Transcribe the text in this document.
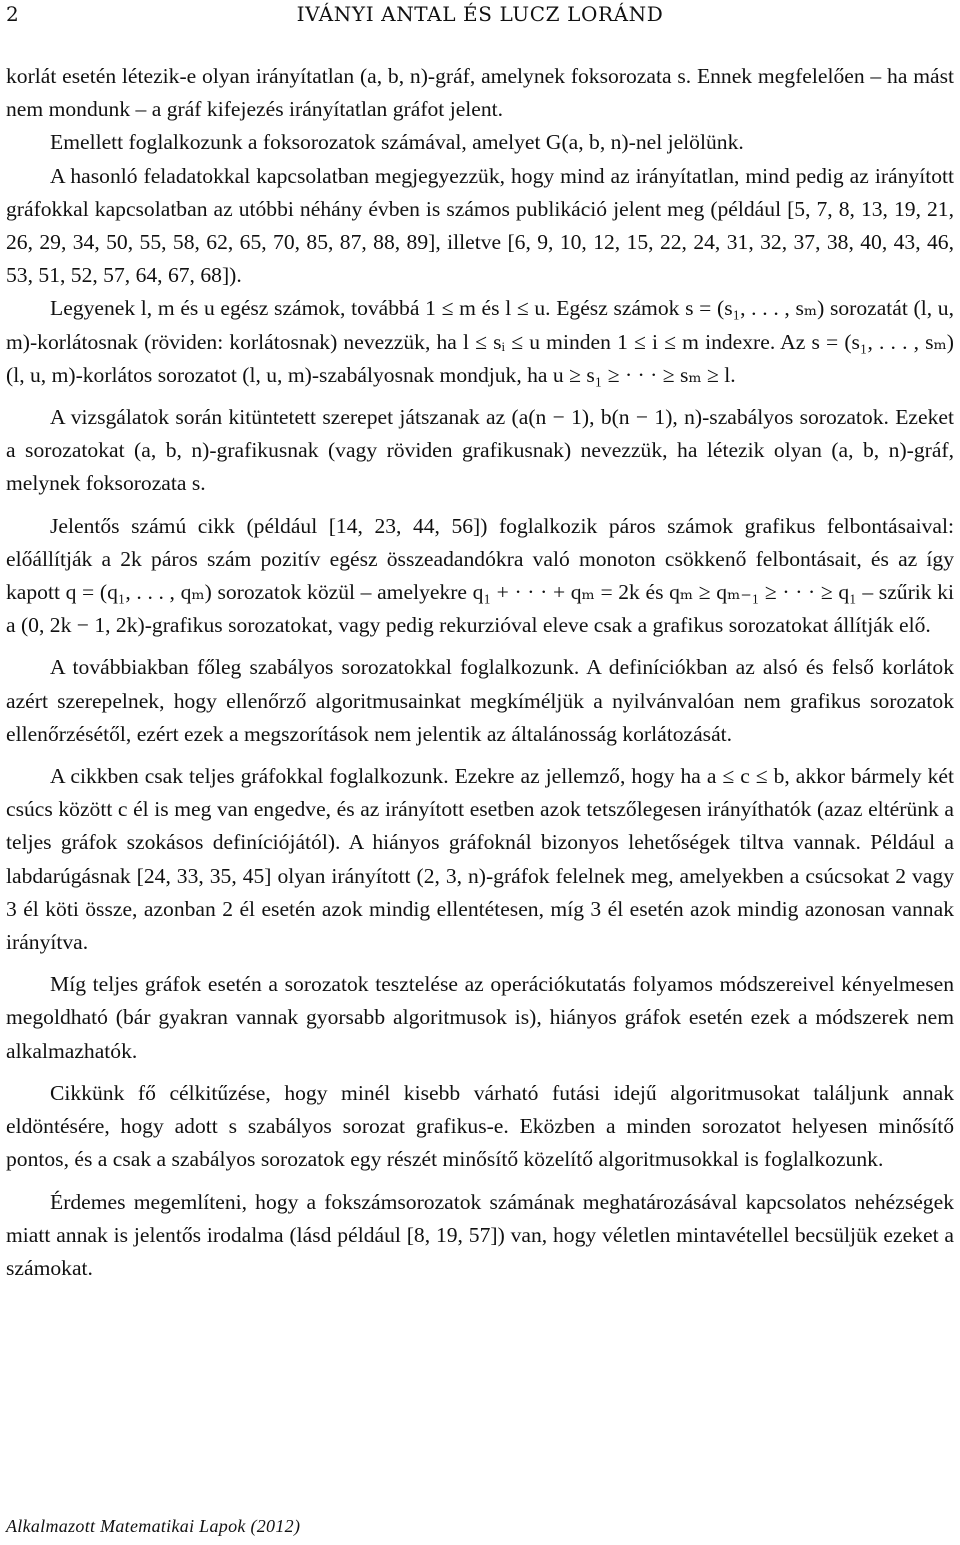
2	IVÁNYI ANTAL ÉS LUCZ LORÁND

korlát esetén létezik-e olyan irányítatlan (a, b, n)-gráf, amelynek foksorozata s. Ennek megfelelően – ha mást nem mondunk – a gráf kifejezés irányítatlan gráfot jelent.

Emellett foglalkozunk a foksorozatok számával, amelyet G(a, b, n)-nel jelölünk.

A hasonló feladatokkal kapcsolatban megjegyezzük, hogy mind az irányítatlan, mind pedig az irányított gráfokkal kapcsolatban az utóbbi néhány évben is számos publikáció jelent meg (például [5, 7, 8, 13, 19, 21, 26, 29, 34, 50, 55, 58, 62, 65, 70, 85, 87, 88, 89], illetve [6, 9, 10, 12, 15, 22, 24, 31, 32, 37, 38, 40, 43, 46, 53, 51, 52, 57, 64, 67, 68]).

Legyenek l, m és u egész számok, továbbá 1 ≤ m és l ≤ u. Egész számok s = (s₁, . . . , sₘ) sorozatát (l, u, m)-korlátosnak (röviden: korlátosnak) nevezzük, ha l ≤ sᵢ ≤ u minden 1 ≤ i ≤ m indexre. Az s = (s₁, . . . , sₘ) (l, u, m)-korlátos sorozatot (l, u, m)-szabályosnak mondjuk, ha u ≥ s₁ ≥ · · · ≥ sₘ ≥ l.

A vizsgálatok során kitüntetett szerepet játszanak az (a(n − 1), b(n − 1), n)-szabályos sorozatok. Ezeket a sorozatokat (a, b, n)-grafikusnak (vagy röviden grafikusnak) nevezzük, ha létezik olyan (a, b, n)-gráf, melynek foksorozata s.

Jelentős számú cikk (például [14, 23, 44, 56]) foglalkozik páros számok grafikus felbontásaival: előállítják a 2k páros szám pozitív egész összeadandókra való monoton csökkenő felbontásait, és az így kapott q = (q₁, . . . , qₘ) sorozatok közül – amelyekre q₁ + · · · + qₘ = 2k és qₘ ≥ qₘ₋₁ ≥ · · · ≥ q₁ – szűrik ki a (0, 2k − 1, 2k)-grafikus sorozatokat, vagy pedig rekurzióval eleve csak a grafikus sorozatokat állítják elő.

A továbbiakban főleg szabályos sorozatokkal foglalkozunk. A definíciókban az alsó és felső korlátok azért szerepelnek, hogy ellenőrző algoritmusainkat megkíméljük a nyilvánvalóan nem grafikus sorozatok ellenőrzésétől, ezért ezek a megszorítások nem jelentik az általánosság korlátozását.

A cikkben csak teljes gráfokkal foglalkozunk. Ezekre az jellemző, hogy ha a ≤ c ≤ b, akkor bármely két csúcs között c él is meg van engedve, és az irányított esetben azok tetszőlegesen irányíthatók (azaz eltérünk a teljes gráfok szokásos definíciójától). A hiányos gráfoknál bizonyos lehetőségek tiltva vannak. Például a labdarúgásnak [24, 33, 35, 45] olyan irányított (2, 3, n)-gráfok felelnek meg, amelyekben a csúcsokat 2 vagy 3 él köti össze, azonban 2 él esetén azok mindig ellentétesen, míg 3 él esetén azok mindig azonosan vannak irányítva.

Míg teljes gráfok esetén a sorozatok tesztelése az operációkutatás folyamos módszereivel kényelmesen megoldható (bár gyakran vannak gyorsabb algoritmusok is), hiányos gráfok esetén ezek a módszerek nem alkalmazhatók.

Cikkünk fő célkitűzése, hogy minél kisebb várható futási idejű algoritmusokat találjunk annak eldöntésére, hogy adott s szabályos sorozat grafikus-e. Eközben a minden sorozatot helyesen minősítő pontos, és a csak a szabályos sorozatok egy részét minősítő közelítő algoritmusokkal is foglalkozunk.

Érdemes megemlíteni, hogy a fokszámsorozatok számának meghatározásával kapcsolatos nehézségek miatt annak is jelentős irodalma (lásd például [8, 19, 57]) van, hogy véletlen mintavétellel becsüljük ezeket a számokat.

Alkalmazott Matematikai Lapok (2012)
